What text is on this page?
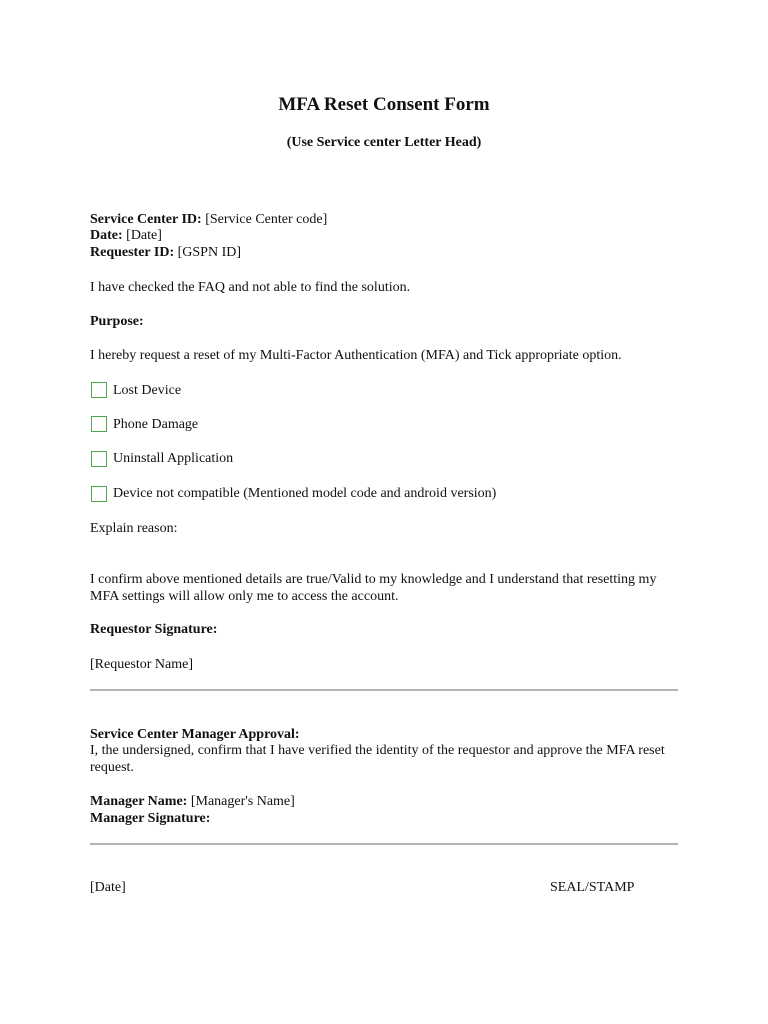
MFA Reset Consent Form
(Use Service center Letter Head)
Service Center ID: [Service Center code]
Date: [Date]
Requester ID: [GSPN ID]
I have checked the FAQ and not able to find the solution.
Purpose:
I hereby request a reset of my Multi-Factor Authentication (MFA) and Tick appropriate option.
Lost Device
Phone Damage
Uninstall Application
Device not compatible (Mentioned model code and android version)
Explain reason:
I confirm above mentioned details are true/Valid to my knowledge and I understand that resetting my MFA settings will allow only me to access the account.
Requestor Signature:
[Requestor Name]
Service Center Manager Approval:
I, the undersigned, confirm that I have verified the identity of the requestor and approve the MFA reset request.
Manager Name: [Manager's Name]
Manager Signature:
[Date]	SEAL/STAMP
